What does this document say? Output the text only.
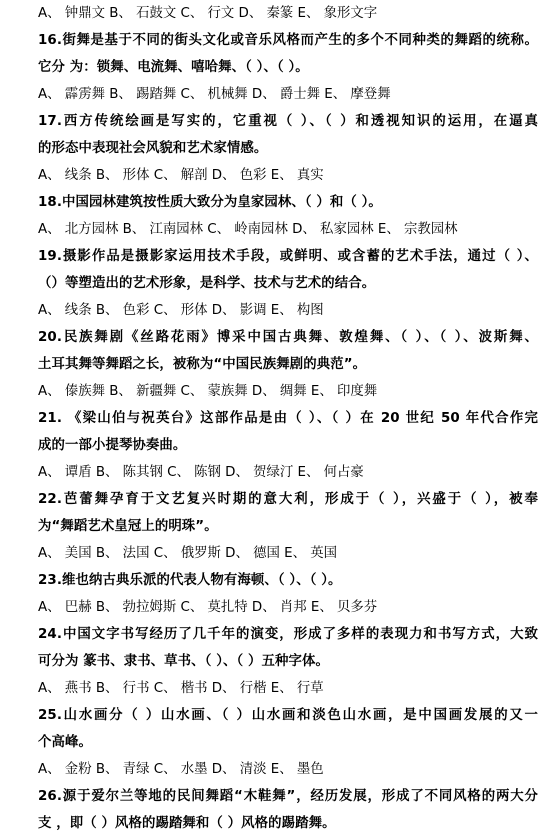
A、 钟鼎文 B、 石鼓文 C、 行文 D、 秦篆 E、 象形文字
16.街舞是基于不同的街头文化或音乐风格而产生的多个不同种类的舞蹈的统称。
它分 为：锁舞、电流舞、嘻哈舞、（ ）、（ ）。
A、 霹雳舞 B、 踢踏舞 C、 机械舞 D、 爵士舞 E、 摩登舞
17.西方传统绘画是写实的，它重视（ ）、（ ）和透视知识的运用，在逼真
的形态中表现社会风貌和艺术家情感。
A、 线条 B、 形体 C、 解剖 D、 色彩 E、 真实
18.中国园林建筑按性质大致分为皇家园林、（ ）和（ ）。
A、 北方园林 B、 江南园林 C、 岭南园林 D、 私家园林 E、 宗教园林
19.摄影作品是摄影家运用技术手段，或鲜明、或含蓄的艺术手法，通过（ ）、
（）等塑造出的艺术形象，是科学、技术与艺术的结合。
A、 线条 B、 色彩 C、 形体 D、 影调 E、 构图
20.民族舞剧《丝路花雨》博采中国古典舞、敦煌舞、（ ）、（ ）、波斯舞、
土耳其舞等舞蹈之长，被称为“中国民族舞剧的典范”。
A、 傣族舞 B、 新疆舞 C、 蒙族舞 D、 绸舞 E、 印度舞
21. 《梁山伯与祝英台》这部作品是由（ ）、（ ）在 20 世纪 50 年代合作完
成的一部小提琴协奏曲。
A、 谭盾 B、 陈其钢 C、 陈钢 D、 贺绿汀 E、 何占豪
22.芭蕾舞孕育于文艺复兴时期的意大利，形成于（ ），兴盛于（ ），被奉
为“舞蹈艺术皇冠上的明珠”。
A、 美国 B、 法国 C、 俄罗斯 D、 德国 E、 英国
23.维也纳古典乐派的代表人物有海顿、（ ）、（ ）。
A、 巴赫 B、 勃拉姆斯 C、 莫扎特 D、 肖邦 E、 贝多芬
24.中国文字书写经历了几千年的演变，形成了多样的表现力和书写方式，大致
可分为 篆书、隶书、草书、（ ）、（ ）五种字体。
A、 燕书 B、 行书 C、 楷书 D、 行楷 E、 行草
25.山水画分（ ）山水画、（ ）山水画和淡色山水画，是中国画发展的又一
个高峰。
A、 金粉 B、 青绿 C、 水墨 D、 清淡 E、 墨色
26.源于爱尔兰等地的民间舞蹈“木鞋舞”，经历发展，形成了不同风格的两大分
支 ，即（ ）风格的踢踏舞和（ ）风格的踢踏舞。
